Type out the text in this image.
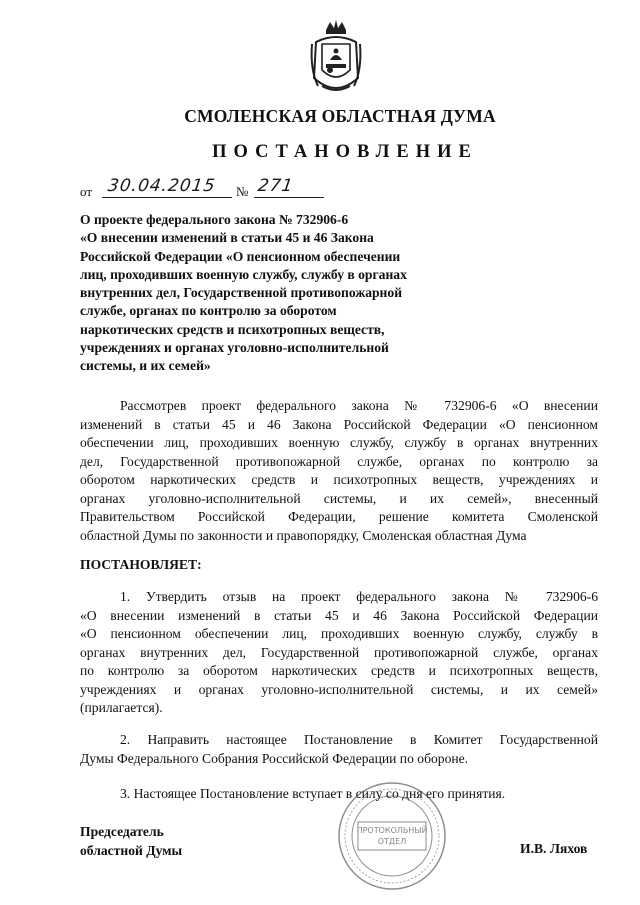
СМОЛЕНСКАЯ ОБЛАСТНАЯ ДУМА
ПОСТАНОВЛЕНИЕ
от 30.04.2015 № 271
О проекте федерального закона № 732906-6
«О внесении изменений в статьи 45 и 46 Закона
Российской Федерации «О пенсионном обеспечении
лиц, проходивших военную службу, службу в органах
внутренних дел, Государственной противопожарной
службе, органах по контролю за оборотом
наркотических средств и психотропных веществ,
учреждениях и органах уголовно-исполнительной
системы, и их семей»
Рассмотрев проект федерального закона № 732906-6 «О внесении
изменений в статьи 45 и 46 Закона Российской Федерации «О пенсионном
обеспечении лиц, проходивших военную службу, службу в органах внутренних
дел, Государственной противопожарной службе, органах по контролю за
оборотом наркотических средств и психотропных веществ, учреждениях и
органах уголовно-исполнительной системы, и их семей», внесенный
Правительством Российской Федерации, решение комитета Смоленской
областной Думы по законности и правопорядку, Смоленская областная Дума
ПОСТАНОВЛЯЕТ:
1. Утвердить отзыв на проект федерального закона № 732906-6
«О внесении изменений в статьи 45 и 46 Закона Российской Федерации
«О пенсионном обеспечении лиц, проходивших военную службу, службу в
органах внутренних дел, Государственной противопожарной службе, органах
по контролю за оборотом наркотических средств и психотропных веществ,
учреждениях и органах уголовно-исполнительной системы, и их семей»
(прилагается).
2. Направить настоящее Постановление в Комитет Государственной
Думы Федерального Собрания Российской Федерации по обороне.
3. Настоящее Постановление вступает в силу со дня его принятия.
ПРОТОКОЛЬНЫЙ
ОТДЕЛ
Председатель
областной Думы	И.В. Ляхов
